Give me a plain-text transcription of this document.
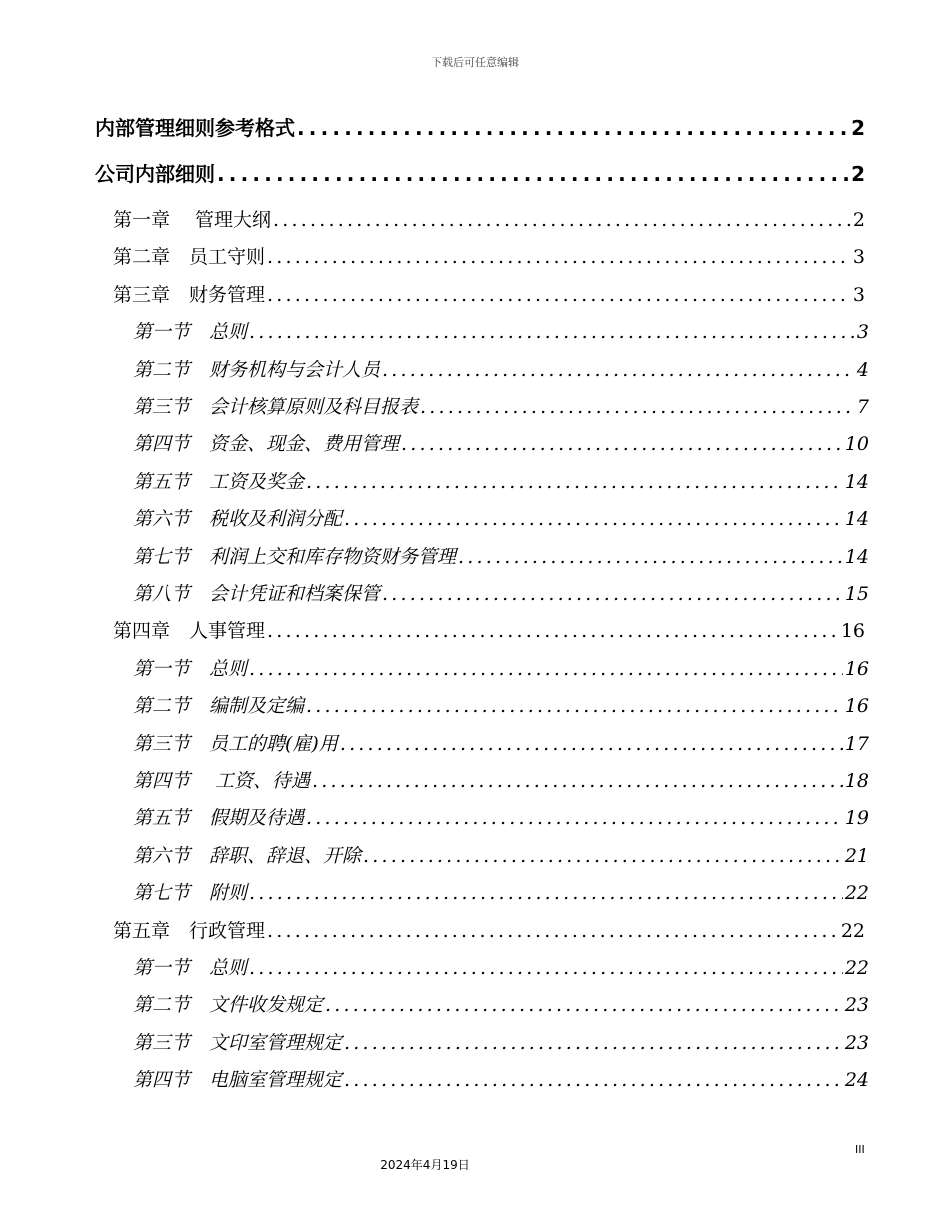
下载后可任意编辑
内部管理细则参考格式 .....	2
公司内部细则 .....	2
第一章　 管理大纲 .....	2
第二章　员工守则 .....	3
第三章　财务管理 .....	3
第一节　总则 .....	3
第二节　财务机构与会计人员 .....	4
第三节　会计核算原则及科目报表 .....	7
第四节　资金、现金、费用管理 .....	10
第五节　工资及奖金 .....	14
第六节　税收及利润分配 .....	14
第七节　利润上交和库存物资财务管理 .....	14
第八节　会计凭证和档案保管 .....	15
第四章　人事管理 .....	16
第一节　总则 .....	16
第二节　编制及定编 .....	16
第三节　员工的聘(雇)用 .....	17
第四节　 工资、待遇 .....	18
第五节　假期及待遇 .....	19
第六节　辞职、辞退、开除 .....	21
第七节　附则 .....	22
第五章　行政管理 .....	22
第一节　总则 .....	22
第二节　文件收发规定 .....	23
第三节　文印室管理规定 .....	23
第四节　电脑室管理规定 .....	24
2024年4月19日
III
